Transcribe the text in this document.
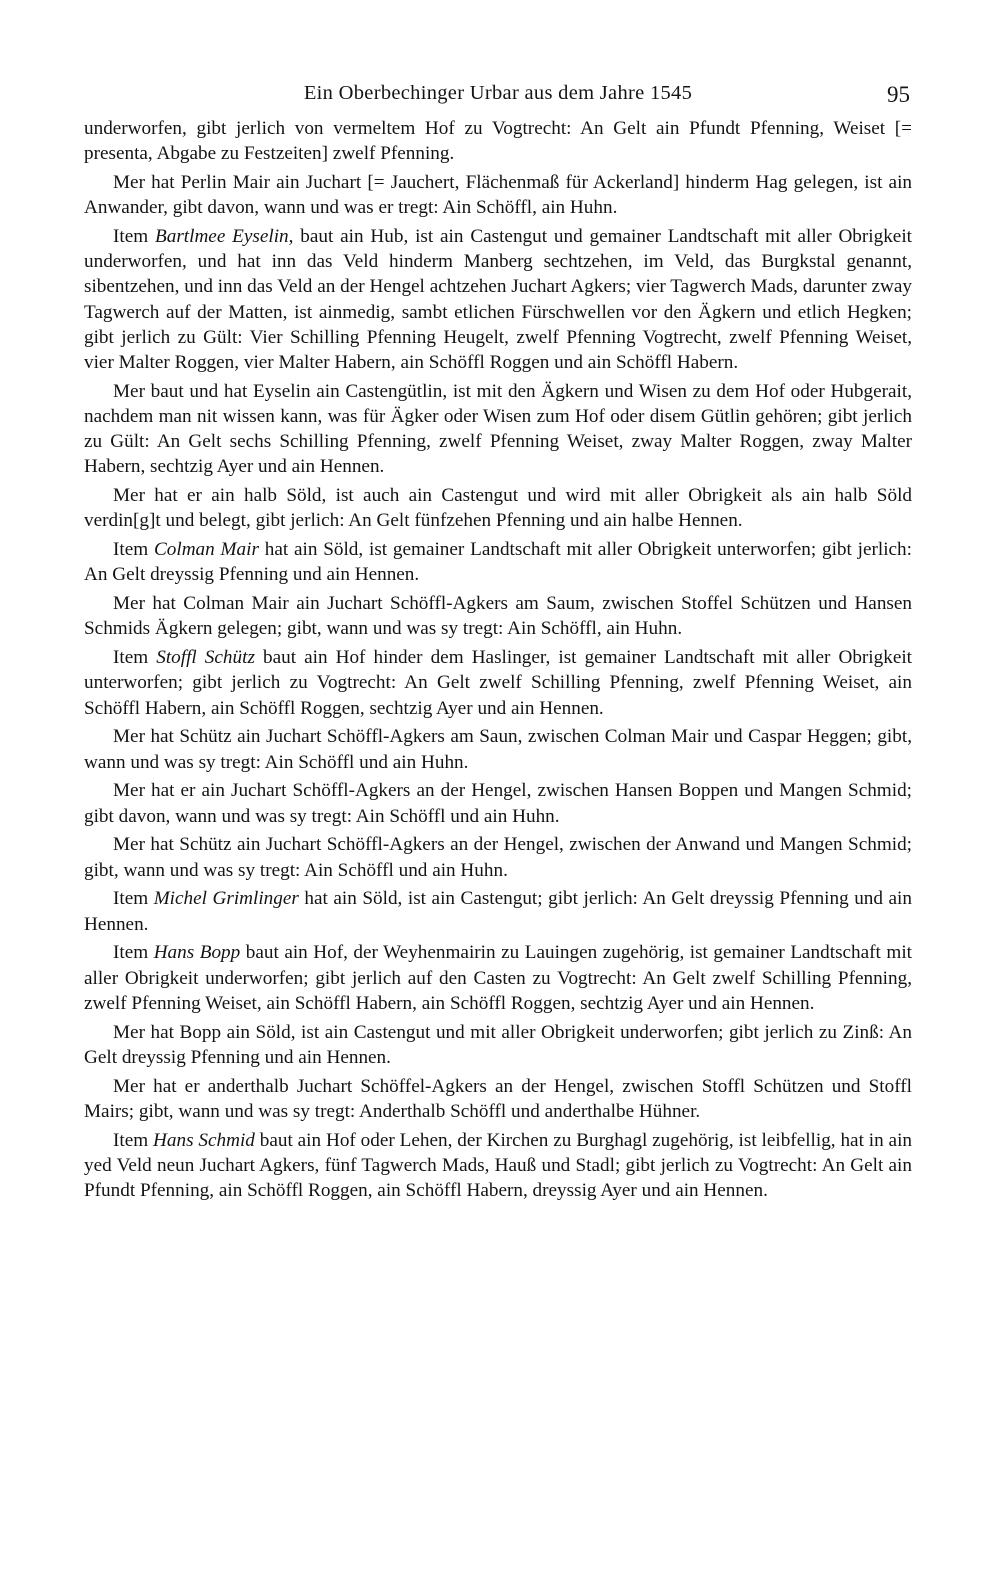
Ein Oberbechinger Urbar aus dem Jahre 1545	95

underworfen, gibt jerlich von vermeltem Hof zu Vogtrecht: An Gelt ain Pfundt Pfenning, Weiset [= presenta, Abgabe zu Festzeiten] zwelf Pfenning.

Mer hat Perlin Mair ain Juchart [= Jauchert, Flächenmaß für Ackerland] hinderm Hag gelegen, ist ain Anwander, gibt davon, wann und was er tregt: Ain Schöffl, ain Huhn.

Item Bartlmee Eyselin, baut ain Hub, ist ain Castengut und gemainer Landtschaft mit aller Obrigkeit underworfen, und hat inn das Veld hinderm Manberg sechtzehen, im Veld, das Burgkstal genannt, sibentzehen, und inn das Veld an der Hengel achtzehen Juchart Agkers; vier Tagwerch Mads, darunter zway Tagwerch auf der Matten, ist ainmedig, sambt etlichen Fürschwellen vor den Ägkern und etlich Hegken; gibt jerlich zu Gült: Vier Schilling Pfenning Heugelt, zwelf Pfenning Vogtrecht, zwelf Pfenning Weiset, vier Malter Roggen, vier Malter Habern, ain Schöffl Roggen und ain Schöffl Habern.

Mer baut und hat Eyselin ain Castengütlin, ist mit den Ägkern und Wisen zu dem Hof oder Hubgerait, nachdem man nit wissen kann, was für Ägker oder Wisen zum Hof oder disem Gütlin gehören; gibt jerlich zu Gült: An Gelt sechs Schilling Pfenning, zwelf Pfenning Weiset, zway Malter Roggen, zway Malter Habern, sechtzig Ayer und ain Hennen.

Mer hat er ain halb Söld, ist auch ain Castengut und wird mit aller Obrigkeit als ain halb Söld verdin[g]t und belegt, gibt jerlich: An Gelt fünfzehen Pfenning und ain halbe Hennen.

Item Colman Mair hat ain Söld, ist gemainer Landtschaft mit aller Obrigkeit unterworfen; gibt jerlich: An Gelt dreyssig Pfenning und ain Hennen.

Mer hat Colman Mair ain Juchart Schöffl-Agkers am Saum, zwischen Stoffel Schützen und Hansen Schmids Ägkern gelegen; gibt, wann und was sy tregt: Ain Schöffl, ain Huhn.

Item Stoffl Schütz baut ain Hof hinder dem Haslinger, ist gemainer Landtschaft mit aller Obrigkeit unterworfen; gibt jerlich zu Vogtrecht: An Gelt zwelf Schilling Pfenning, zwelf Pfenning Weiset, ain Schöffl Habern, ain Schöffl Roggen, sechtzig Ayer und ain Hennen.

Mer hat Schütz ain Juchart Schöffl-Agkers am Saun, zwischen Colman Mair und Caspar Heggen; gibt, wann und was sy tregt: Ain Schöffl und ain Huhn.

Mer hat er ain Juchart Schöffl-Agkers an der Hengel, zwischen Hansen Boppen und Mangen Schmid; gibt davon, wann und was sy tregt: Ain Schöffl und ain Huhn.

Mer hat Schütz ain Juchart Schöffl-Agkers an der Hengel, zwischen der Anwand und Mangen Schmid; gibt, wann und was sy tregt: Ain Schöffl und ain Huhn.

Item Michel Grimlinger hat ain Söld, ist ain Castengut; gibt jerlich: An Gelt dreyssig Pfenning und ain Hennen.

Item Hans Bopp baut ain Hof, der Weyhenmairin zu Lauingen zugehörig, ist gemainer Landtschaft mit aller Obrigkeit underworfen; gibt jerlich auf den Casten zu Vogtrecht: An Gelt zwelf Schilling Pfenning, zwelf Pfenning Weiset, ain Schöffl Habern, ain Schöffl Roggen, sechtzig Ayer und ain Hennen.

Mer hat Bopp ain Söld, ist ain Castengut und mit aller Obrigkeit underworfen; gibt jerlich zu Zinß: An Gelt dreyssig Pfenning und ain Hennen.

Mer hat er anderthalb Juchart Schöffel-Agkers an der Hengel, zwischen Stoffl Schützen und Stoffl Mairs; gibt, wann und was sy tregt: Anderthalb Schöffl und anderthalbe Hühner.

Item Hans Schmid baut ain Hof oder Lehen, der Kirchen zu Burghagl zugehörig, ist leibfellig, hat in ain yed Veld neun Juchart Agkers, fünf Tagwerch Mads, Hauß und Stadl; gibt jerlich zu Vogtrecht: An Gelt ain Pfundt Pfenning, ain Schöffl Roggen, ain Schöffl Habern, dreyssig Ayer und ain Hennen.
